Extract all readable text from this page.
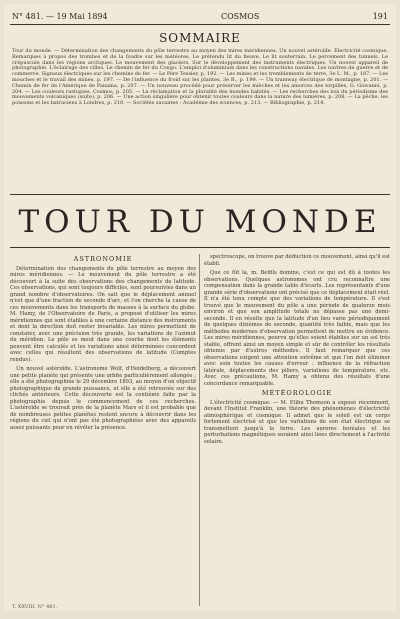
N° 481. — 19 Mai 1894	COSMOS	191
SOMMAIRE
Tour du monde. — Détermination des changements du pôle terrestre au moyen des mires méridiennes. Un nouvel astéroïde. Electricité cosmique. Remarques à propos des trombes et de la foudre sur les météores. Le prétendu lit du fleuve. Le lit souterrain. Le percement des tunnels. Le crépuscule dans les régions arctiques. Le mouvement des glaciers. Sur le développement des instruments électriques. Un nouvel appareil de photographie. L'éclairage des villes. Le chemin de fer du Congo. L'emploi d'aluminium dans les constructions navales. Les navires de guerre et de commerce. Signaux électriques sur les chemins de fer. — Le Père Tessier, p. 192. — Les mines et les tremblements de terre, 3e L. M., p. 187. — Les mouches et le travail des mines, p. 197. — De l'influence du froid sur les plantes, 3e B., p. 199. — Un tramway électrique de montagne, p. 201. — Chemin de fer de l'Amérique de Panama, p. 207. — Un nouveau procédé pour préserver les mièches et les amorces des torpilles, G. Giovanni, p. 204. — Les couleurs rustiques. Cosmos, p. 205. — La réclamation et la pluralité des mondes habités. — Les recherches des lois du périodisme des mouvements volcaniques (suite), p. 206. — Une action singulière pour obtenir toutes couleurs dans la nature des lumières, p. 208. — La pêche, les poissons et les batraciens à Londres, p. 210. — Sociétés savantes : Académie des sciences, p. 213. — Bibliographie, p. 214.
TOUR DU MONDE
ASTRONOMIE

Détermination des changements du pôle terrestre au moyen des mires méridiennes. — Le mouvement du pôle terrestre a été découvert à la suite des observations des changements de latitude. Ces observations, qui sont toujours difficiles, sont poursuivies dans un grand nombre d'observatoires. On sait que le déplacement annuel n'est que d'une fraction de seconde d'arc, et l'on cherche la cause de ces mouvements dans les transports de masses à la surface du globe. M. Hamy, de l'Observatoire de Paris, a proposé d'utiliser les mires méridiennes qui sont établies à une certaine distance des instruments et dont la direction doit rester invariable. Les mires permettent de constater, avec une précision très grande, les variations de l'azimut du méridien. Le pôle se meut dans une courbe dont les éléments peuvent être calculés et les variations ainsi déterminées concordent avec celles qui résultent des observations de latitude (Comptes rendus).

Un nouvel astéroïde. L'astronome Wolf, d'Heidelberg, a découvert une petite planète qui présente une orbite particulièrement allongée ; elle a été photographiée le 29 décembre 1893, au moyen d'un objectif photographique de grande puissance, et elle a été retrouvée sur des clichés antérieurs. Cette découverte est la centième faite par la photographie depuis le commencement de ces recherches. L'astéroïde se trouvait près de la planète Mars et il est probable que de nombreuses petites planètes restent encore à découvrir dans les régions du ciel qui n'ont pas été photographiées avec des appareils assez puissants pour en révéler la présence.

spectroscope, on trouve par déduction ce mouvement, ainsi qu'il est établi.

Que ce fût la, m. Belfils domine, c'est ce qui est dû à toutes les observations. Quelques astronomes ont cru reconnaître une compensation dans la grande table d'écarts. Les représentants d'une grande série d'observations ont précisé que ce déplacement était réel. Il n'a été tenu compte que des variations de température. Il s'est trouvé que le mouvement du pôle a une période de quatorze mois environ et que son amplitude totale ne dépasse pas une demi-seconde. Il en résulte que la latitude d'un lieu varie périodiquement de quelques dixièmes de seconde, quantité très faible, mais que les méthodes modernes d'observation permettent de mettre en évidence. Les mires méridiennes, pourvu qu'elles soient établies sur un sol très stable, offrent ainsi un moyen simple et sûr de contrôler les résultats obtenus par d'autres méthodes. Il faut remarquer que ces observations exigent une attention extrême et que l'on doit éliminer avec soin toutes les causes d'erreur : influence de la réfraction latérale, déplacements des piliers, variations de température, etc. Avec ces précautions, M. Hamy a obtenu des résultats d'une concordance remarquable.

MÉTÉOROLOGIE

L'électricité cosmique. — M. Elihu Thomson a exposé récemment, devant l'Institut Franklin, une théorie des phénomènes d'électricité atmosphérique et cosmique. Il admet que le soleil est un corps fortement électrisé et que les variations de son état électrique se transmettent jusqu'à la terre. Les aurores boréales et les perturbations magnétiques seraient ainsi liées directement à l'activité solaire.

T. XXVIII. N° 481.
